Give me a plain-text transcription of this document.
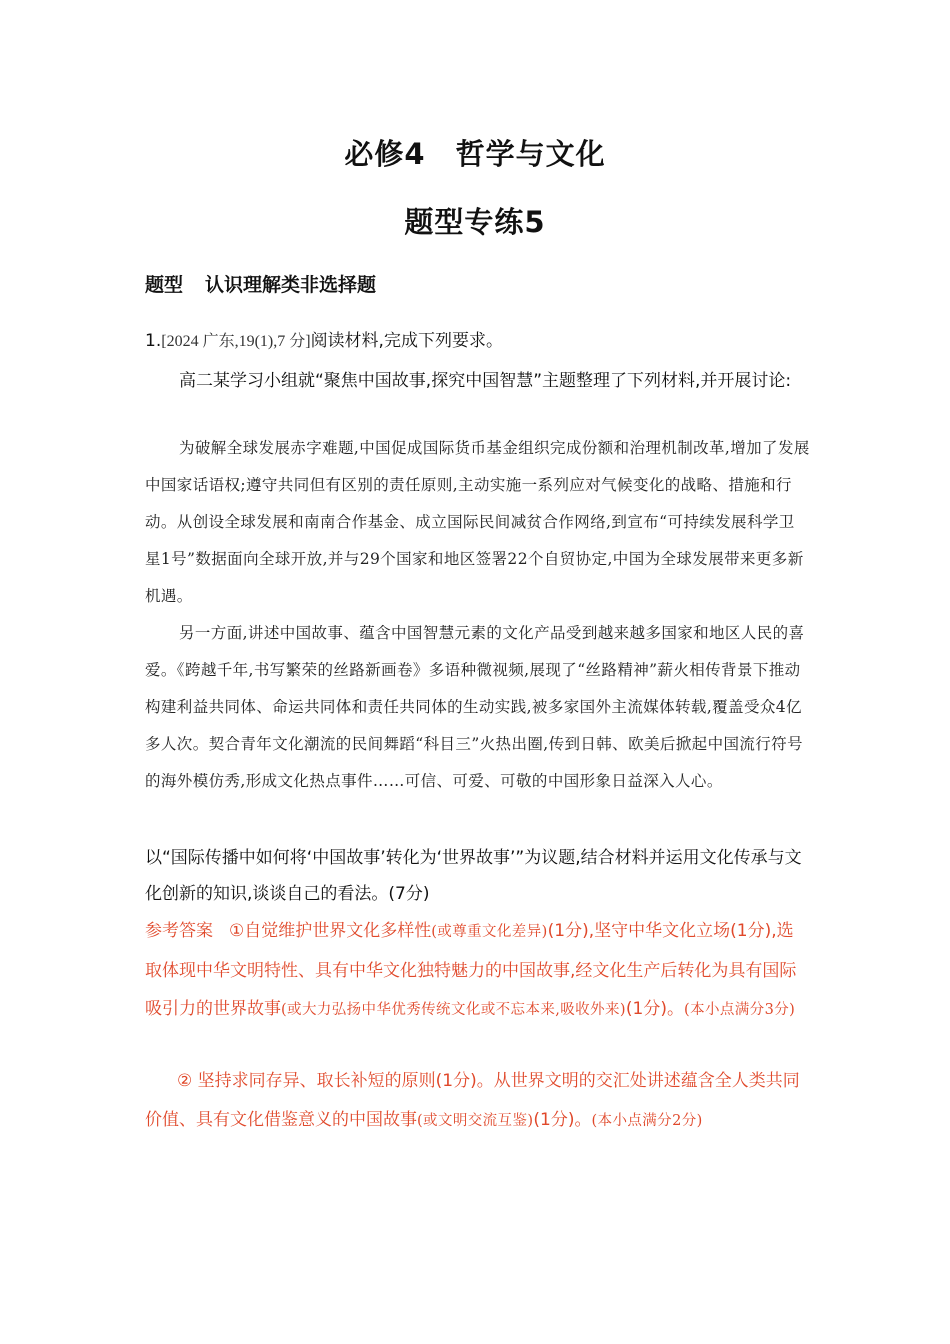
必修4　哲学与文化
题型专练5
题型 认识理解类非选择题
1.[2024 广东,19(1),7 分]阅读材料,完成下列要求。
高二某学习小组就“聚焦中国故事,探究中国智慧”主题整理了下列材料,并开展讨论:
为破解全球发展赤字难题,中国促成国际货币基金组织完成份额和治理机制改革,增加了发展中国家话语权;遵守共同但有区别的责任原则,主动实施一系列应对气候变化的战略、措施和行动。从创设全球发展和南南合作基金、成立国际民间减贫合作网络,到宣布“可持续发展科学卫星1号”数据面向全球开放,并与29个国家和地区签署22个自贸协定,中国为全球发展带来更多新机遇。
另一方面,讲述中国故事、蕴含中国智慧元素的文化产品受到越来越多国家和地区人民的喜爱。《跨越千年,书写繁荣的丝路新画卷》多语种微视频,展现了“丝路精神”薪火相传背景下推动构建利益共同体、命运共同体和责任共同体的生动实践,被多家国外主流媒体转载,覆盖受众4亿多人次。契合青年文化潮流的民间舞蹈“科目三”火热出圈,传到日韩、欧美后掀起中国流行符号的海外模仿秀,形成文化热点事件……可信、可爱、可敬的中国形象日益深入人心。
以“国际传播中如何将‘中国故事’转化为‘世界故事’”为议题,结合材料并运用文化传承与文化创新的知识,谈谈自己的看法。(7分)
参考答案 ①自觉维护世界文化多样性(或尊重文化差异)(1分),坚守中华文化立场(1分),选取体现中华文明特性、具有中华文化独特魅力的中国故事,经文化生产后转化为具有国际吸引力的世界故事(或大力弘扬中华优秀传统文化或不忘本来,吸收外来)(1分)。(本小点满分3分)
② 坚持求同存异、取长补短的原则(1分)。从世界文明的交汇处讲述蕴含全人类共同价值、具有文化借鉴意义的中国故事(或文明交流互鉴)(1分)。(本小点满分2分)
